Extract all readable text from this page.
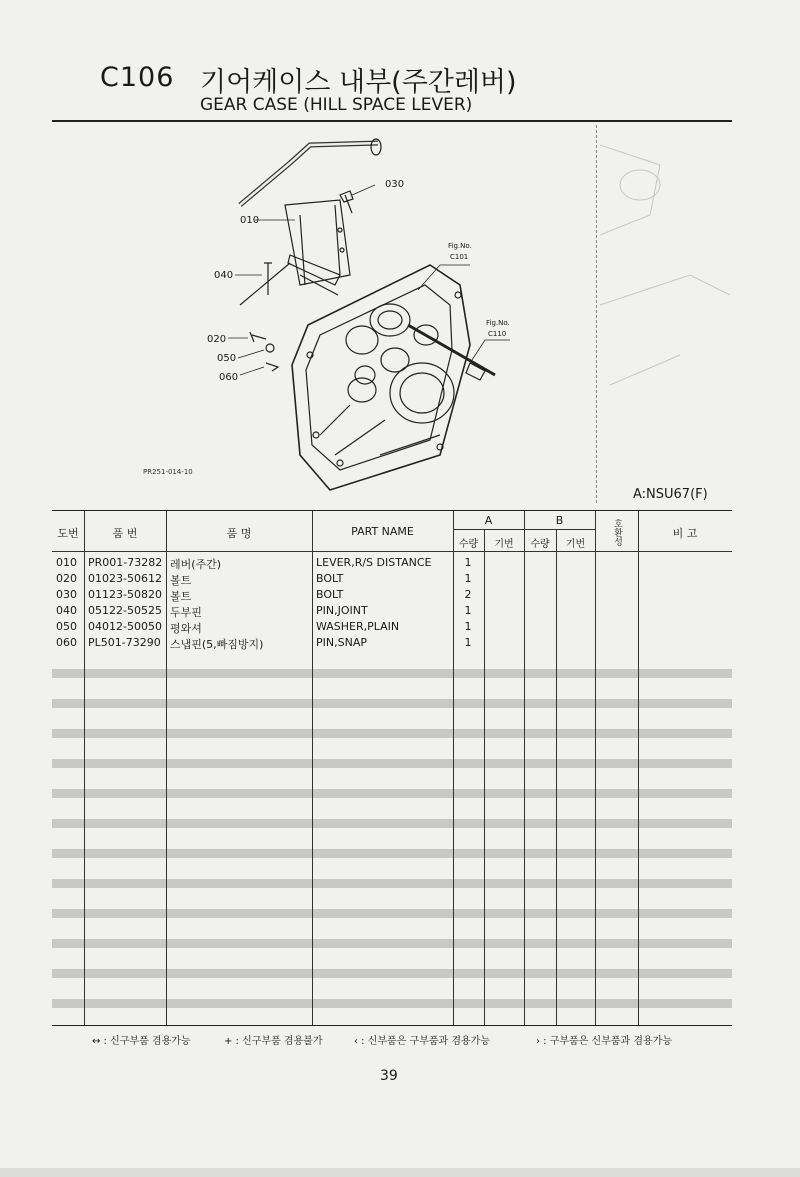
C106 기어케이스 내부(주간레버)
GEAR CASE (HILL SPACE LEVER)
010
030
040
020
050
060
Fig.No.
C101
Fig.No.
C110
PR251-014-10
A:NSU67(F)
도번	품 번	품 명	PART NAME
A	B
수량	기번	수량	기번	호환성	비 고
010 PR001-73282 레버(주간)	LEVER,R/S DISTANCE	1
020 01023-50612 볼트	BOLT	1
030 01123-50820 볼트	BOLT	2
040 05122-50525 두부핀	PIN,JOINT	1
050 04012-50050 평와셔	WASHER,PLAIN	1
060 PL501-73290 스냅핀(5,빠짐방지)	PIN,SNAP	1
↔ : 신구부품 겸용가능	+ : 신구부품 겸용불가	‹ : 신부품은 구부품과 겸용가능	› : 구부품은 신부품과 겸용가능
39
